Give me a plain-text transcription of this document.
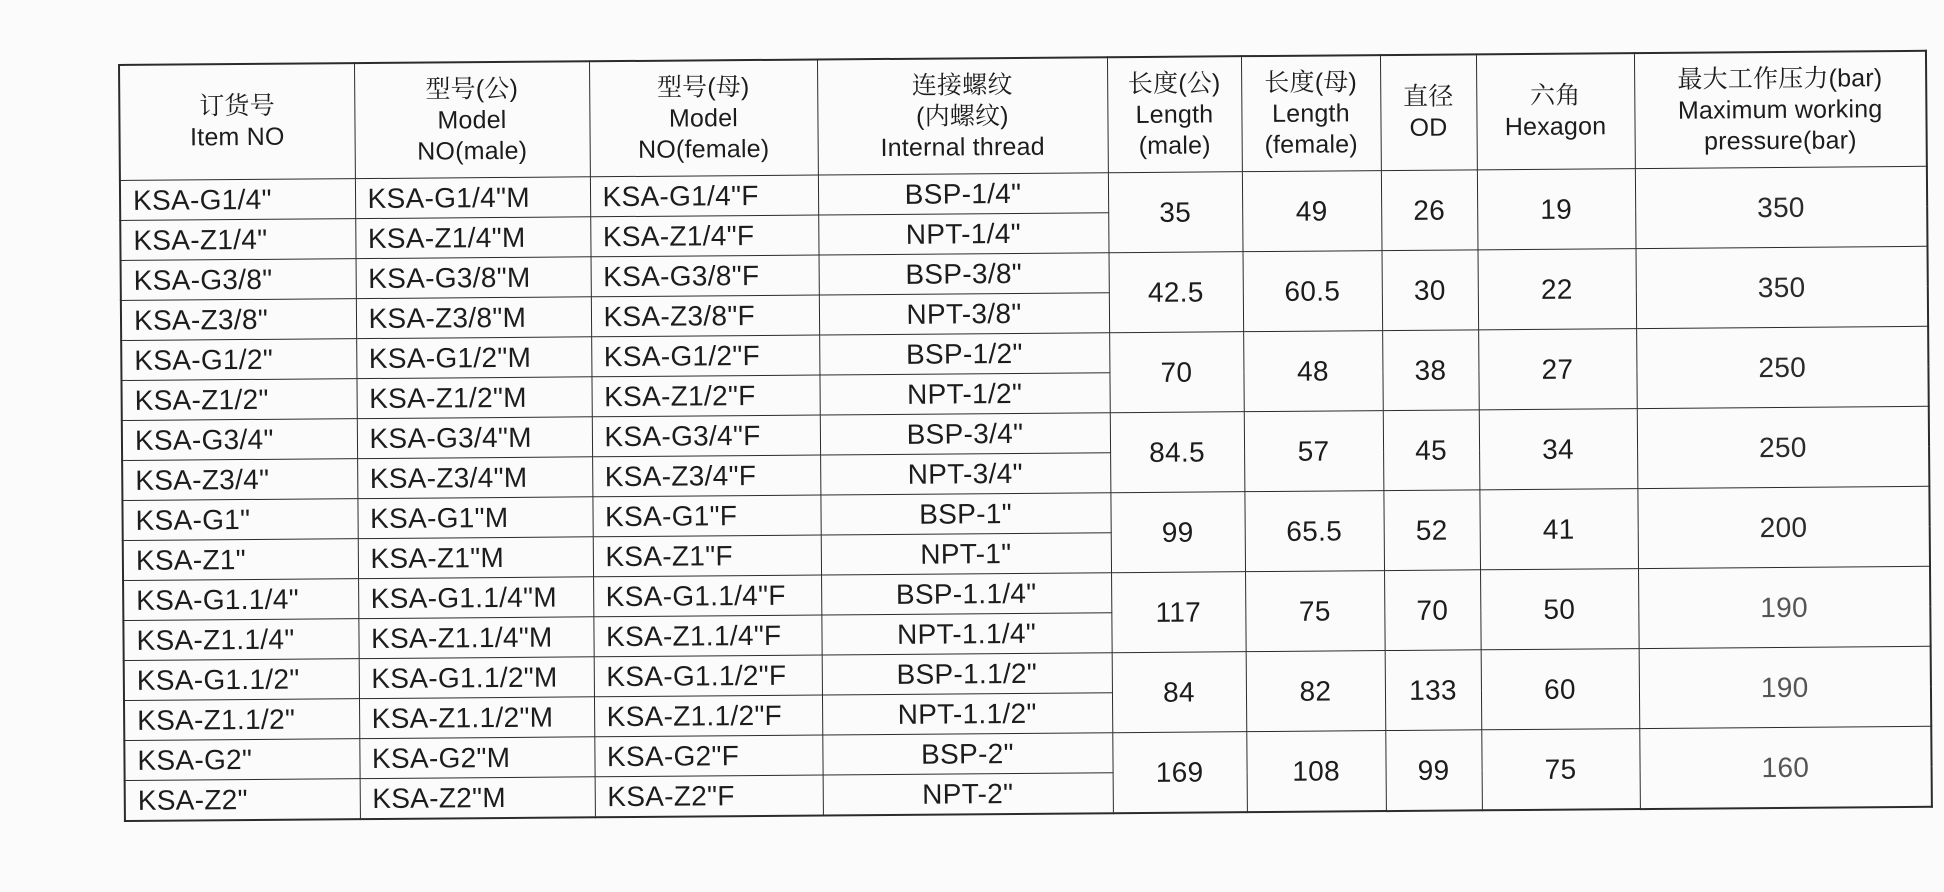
订货号
Item NO	型号(公)
Model
NO(male)	型号(母)
Model
NO(female)	连接螺纹
(内螺纹)
Internal thread	长度(公)
Length
(male)	长度(母)
Length
(female)	直径
OD	六角
Hexagon	最大工作压力(bar)
Maximum working
pressure(bar)

KSA-G1/4"	KSA-G1/4"M	KSA-G1/4"F	BSP-1/4"	35	49	26	19	350
KSA-Z1/4"	KSA-Z1/4"M	KSA-Z1/4"F	NPT-1/4"					
KSA-G3/8"	KSA-G3/8"M	KSA-G3/8"F	BSP-3/8"	42.5	60.5	30	22	350
KSA-Z3/8"	KSA-Z3/8"M	KSA-Z3/8"F	NPT-3/8"					
KSA-G1/2"	KSA-G1/2"M	KSA-G1/2"F	BSP-1/2"	70	48	38	27	250
KSA-Z1/2"	KSA-Z1/2"M	KSA-Z1/2"F	NPT-1/2"					
KSA-G3/4"	KSA-G3/4"M	KSA-G3/4"F	BSP-3/4"	84.5	57	45	34	250
KSA-Z3/4"	KSA-Z3/4"M	KSA-Z3/4"F	NPT-3/4"					
KSA-G1"	KSA-G1"M	KSA-G1"F	BSP-1"	99	65.5	52	41	200
KSA-Z1"	KSA-Z1"M	KSA-Z1"F	NPT-1"					
KSA-G1.1/4"	KSA-G1.1/4"M	KSA-G1.1/4"F	BSP-1.1/4"	117	75	70	50	190
KSA-Z1.1/4"	KSA-Z1.1/4"M	KSA-Z1.1/4"F	NPT-1.1/4"					
KSA-G1.1/2"	KSA-G1.1/2"M	KSA-G1.1/2"F	BSP-1.1/2"	84	82	133	60	190
KSA-Z1.1/2"	KSA-Z1.1/2"M	KSA-Z1.1/2"F	NPT-1.1/2"					
KSA-G2"	KSA-G2"M	KSA-G2"F	BSP-2"	169	108	99	75	160
KSA-Z2"	KSA-Z2"M	KSA-Z2"F	NPT-2"					
